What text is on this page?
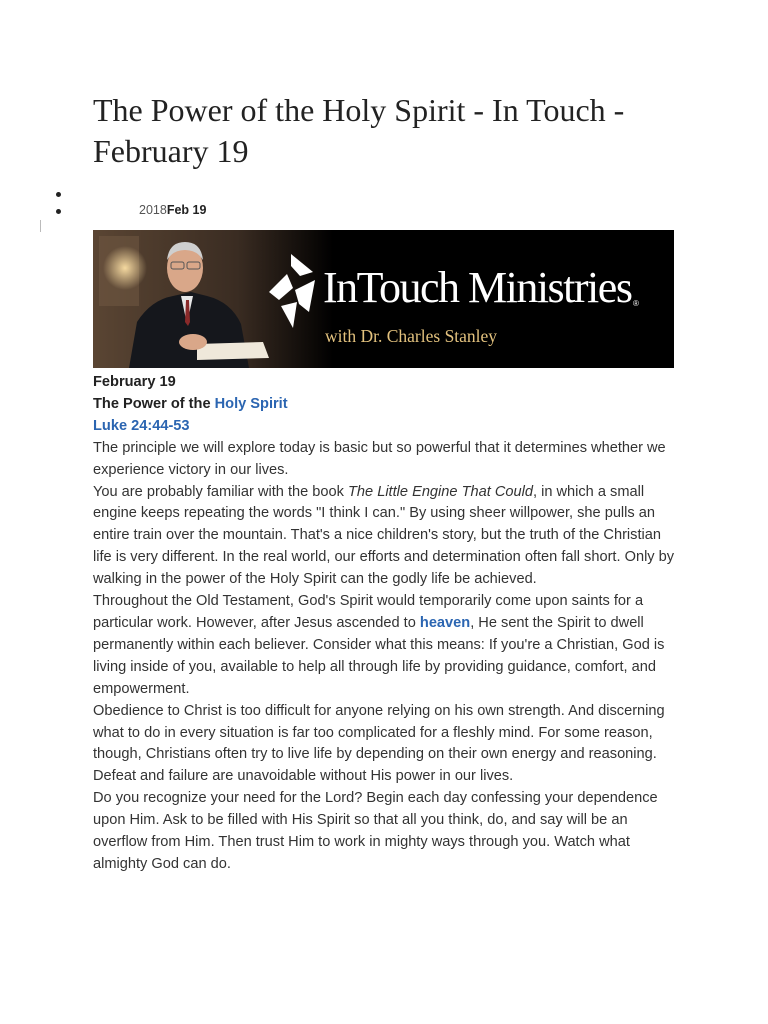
The Power of the Holy Spirit - In Touch - February 19
2018Feb 19
InTouch Ministries ®
with Dr. Charles Stanley

February 19

The Power of the Holy Spirit

Luke 24:44-53

The principle we will explore today is basic but so powerful that it determines whether we experience victory in our lives.

You are probably familiar with the book The Little Engine That Could, in which a small engine keeps repeating the words "I think I can." By using sheer willpower, she pulls an entire train over the mountain. That's a nice children's story, but the truth of the Christian life is very different. In the real world, our efforts and determination often fall short. Only by walking in the power of the Holy Spirit can the godly life be achieved.

Throughout the Old Testament, God's Spirit would temporarily come upon saints for a particular work. However, after Jesus ascended to heaven, He sent the Spirit to dwell permanently within each believer. Consider what this means: If you're a Christian, God is living inside of you, available to help all through life by providing guidance, comfort, and empowerment.

Obedience to Christ is too difficult for anyone relying on his own strength. And discerning what to do in every situation is far too complicated for a fleshly mind. For some reason, though, Christians often try to live life by depending on their own energy and reasoning. Defeat and failure are unavoidable without His power in our lives.

Do you recognize your need for the Lord? Begin each day confessing your dependence upon Him. Ask to be filled with His Spirit so that all you think, do, and say will be an overflow from Him. Then trust Him to work in mighty ways through you. Watch what almighty God can do.
